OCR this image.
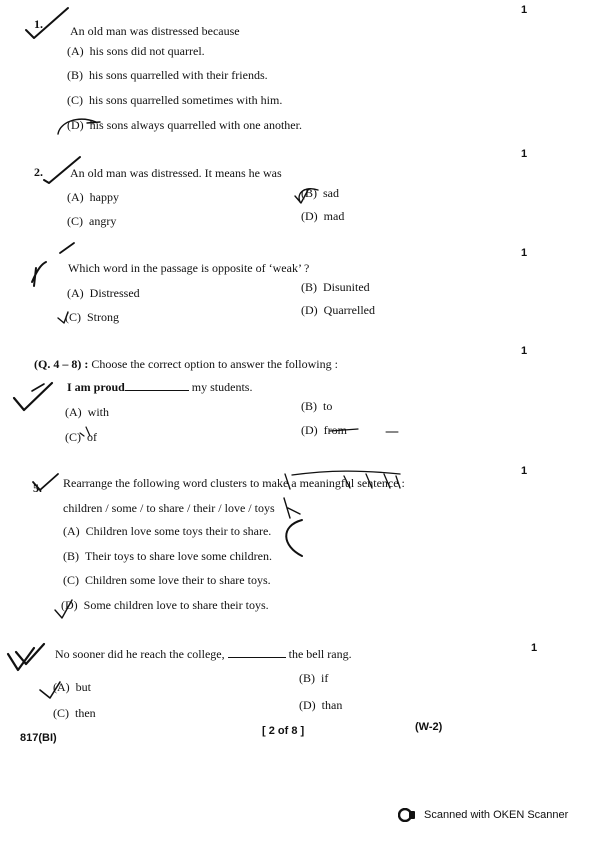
1
1. An old man was distressed because
(A) his sons did not quarrel.
(B) his sons quarrelled with their friends.
(C) his sons quarrelled sometimes with him.
(D) his sons always quarrelled with one another.
1
2. An old man was distressed. It means he was
(A) happy	(B) sad
(C) angry	(D) mad
1
Which word in the passage is opposite of ‘weak’ ?
(A) Distressed	(B) Disunited
(C) Strong	(D) Quarrelled
1
(Q. 4 – 8) : Choose the correct option to answer the following :
I am proud	my students.
(A) with	(B) to
(C) of	(D) from
1
5. Rearrange the following word clusters to make a meaningful sentence :
children / some / to share / their / love / toys
(A) Children love some toys their to share.
(B) Their toys to share love some children.
(C) Children some love their to share toys.
(D) Some children love to share their toys.
1
No sooner did he reach the college,	the bell rang.
(A) but
(B) if
(C) then
(D) than
817(BI)
[ 2 of 8 ]	(W-2)
Scanned with OKEN Scanner
